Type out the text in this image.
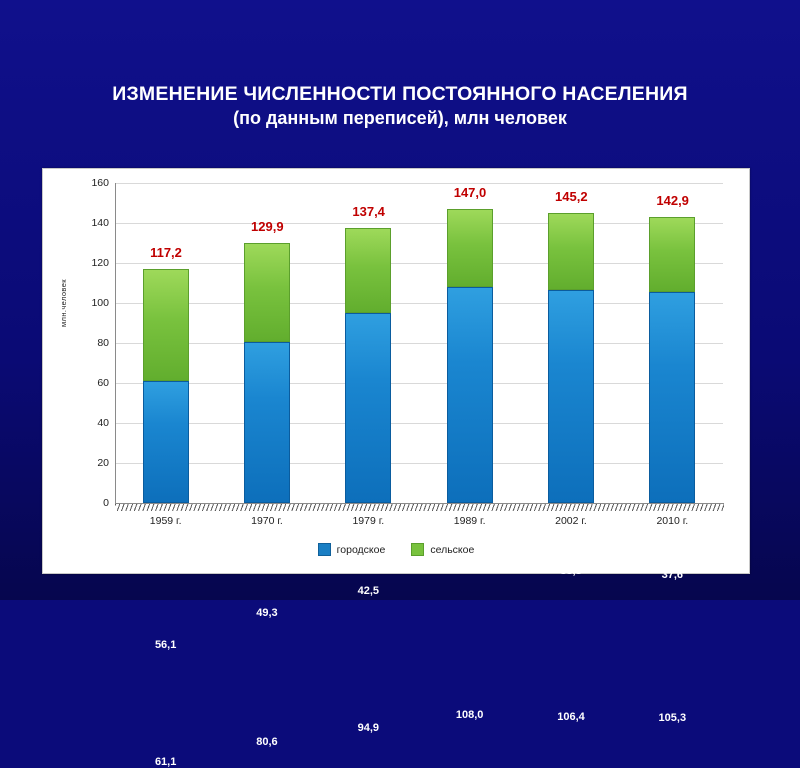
ИЗМЕНЕНИЕ ЧИСЛЕННОСТИ ПОСТОЯННОГО НАСЕЛЕНИЯ
(по данным переписей), млн человек
млн.человек
0
20
40
60
80
100
120
140
160
61,1
56,1
117,2
80,6
49,3
129,9
94,9
42,5
137,4
108,0
39,0
147,0
106,4
38,8
145,2
105,3
37,6
142,9
1959 г.	1970 г.	1979 г.	1989 г.	2002 г.	2010 г.
городское	сельское
